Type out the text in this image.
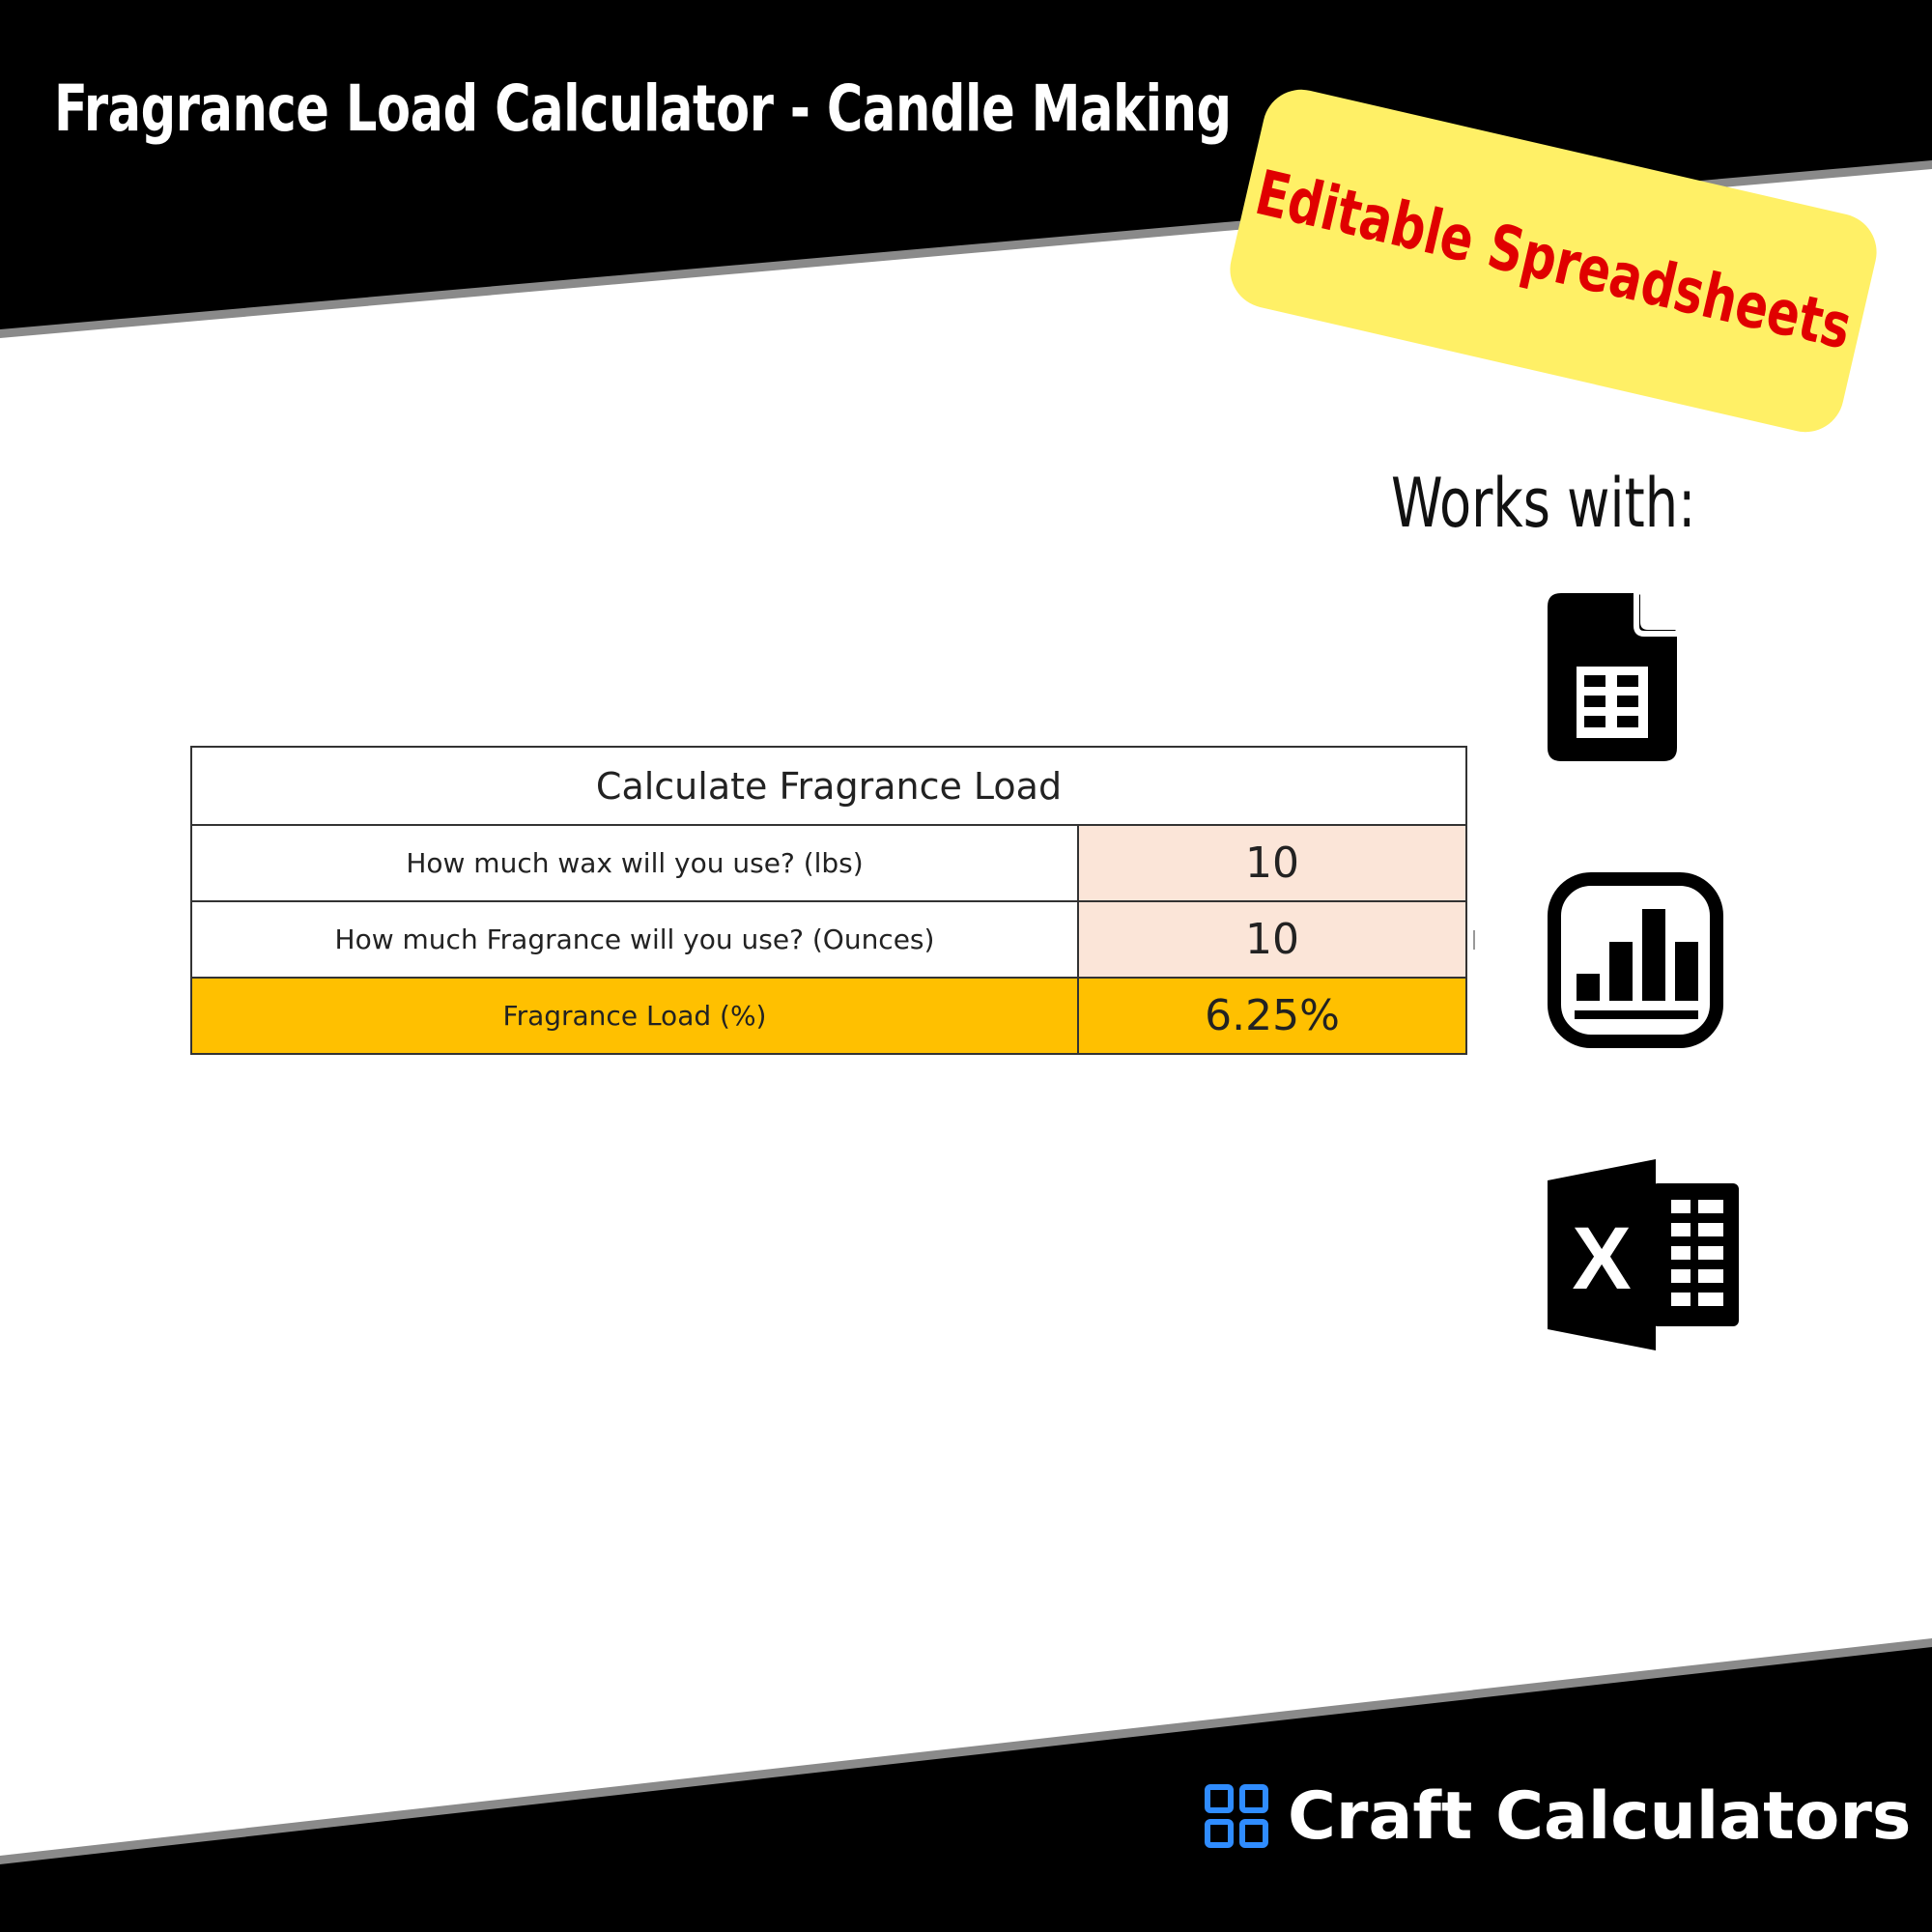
Fragrance Load Calculator - Candle Making
Editable Spreadsheets
Works with:
X
Calculate Fragrance Load	
How much wax will you use? (lbs)	10
How much Fragrance will you use? (Ounces)	10
Fragrance Load (%)	6.25%
Craft Calculators
